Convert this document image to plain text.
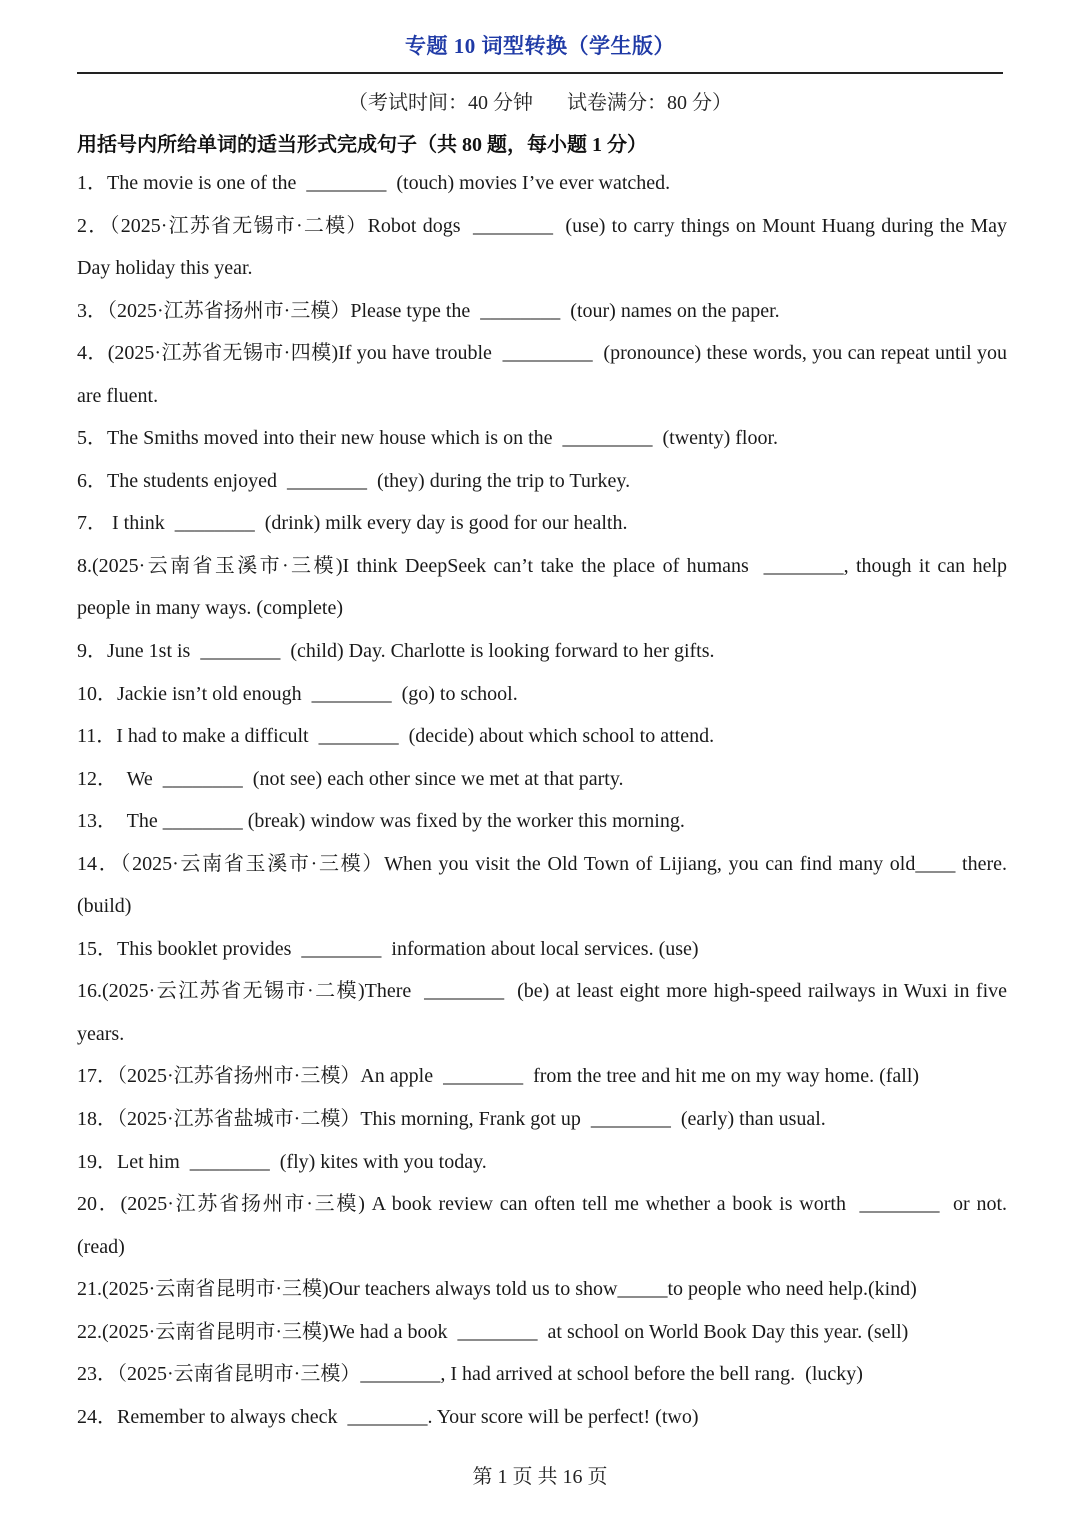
专题 10 词型转换（学生版）
（考试时间：40 分钟 试卷满分：80 分）
用括号内所给单词的适当形式完成句子（共 80 题，每小题 1 分）
1．The movie is one of the  ________  (touch) movies I’ve ever watched.
2．（2025·江苏省无锡市·二模）Robot dogs  ________  (use) to carry things on Mount Huang during the May Day holiday this year.
3．（2025·江苏省扬州市·三模）Please type the  ________  (tour) names on the paper.
4．(2025·江苏省无锡市·四模)If you have trouble  _________  (pronounce) these words, you can repeat until you are fluent.
5．The Smiths moved into their new house which is on the  _________  (twenty) floor.
6．The students enjoyed  ________  (they) during the trip to Turkey.
7． I think  ________  (drink) milk every day is good for our health.
8.(2025·云南省玉溪市·三模)I think DeepSeek can’t take the place of humans  ________, though it can help people in many ways. (complete)
9．June 1st is  ________  (child) Day. Charlotte is looking forward to her gifts.
10．Jackie isn’t old enough  ________  (go) to school.
11．I had to make a difficult  ________  (decide) about which school to attend.
12．  We  ________  (not see) each other since we met at that party.
13．  The ________ (break) window was fixed by the worker this morning.
14．（2025·云南省玉溪市·三模）When you visit the Old Town of Lijiang, you can find many old____ there. (build)
15．This booklet provides  ________  information about local services. (use)
16.(2025·云江苏省无锡市·二模)There  ________  (be) at least eight more high-speed railways in Wuxi in five years.
17．（2025·江苏省扬州市·三模）An apple  ________  from the tree and hit me on my way home. (fall)
18．（2025·江苏省盐城市·二模）This morning, Frank got up  ________  (early) than usual.
19．Let him  ________  (fly) kites with you today.
20．(2025·江苏省扬州市·三模) A book review can often tell me whether a book is worth  ________  or not. (read)
21.(2025·云南省昆明市·三模)Our teachers always told us to show_____to people who need help.(kind)
22.(2025·云南省昆明市·三模)We had a book  ________  at school on World Book Day this year. (sell)
23．（2025·云南省昆明市·三模）________, I had arrived at school before the bell rang.  (lucky)
24．Remember to always check  ________. Your score will be perfect! (two)
第 1 页 共 16 页
